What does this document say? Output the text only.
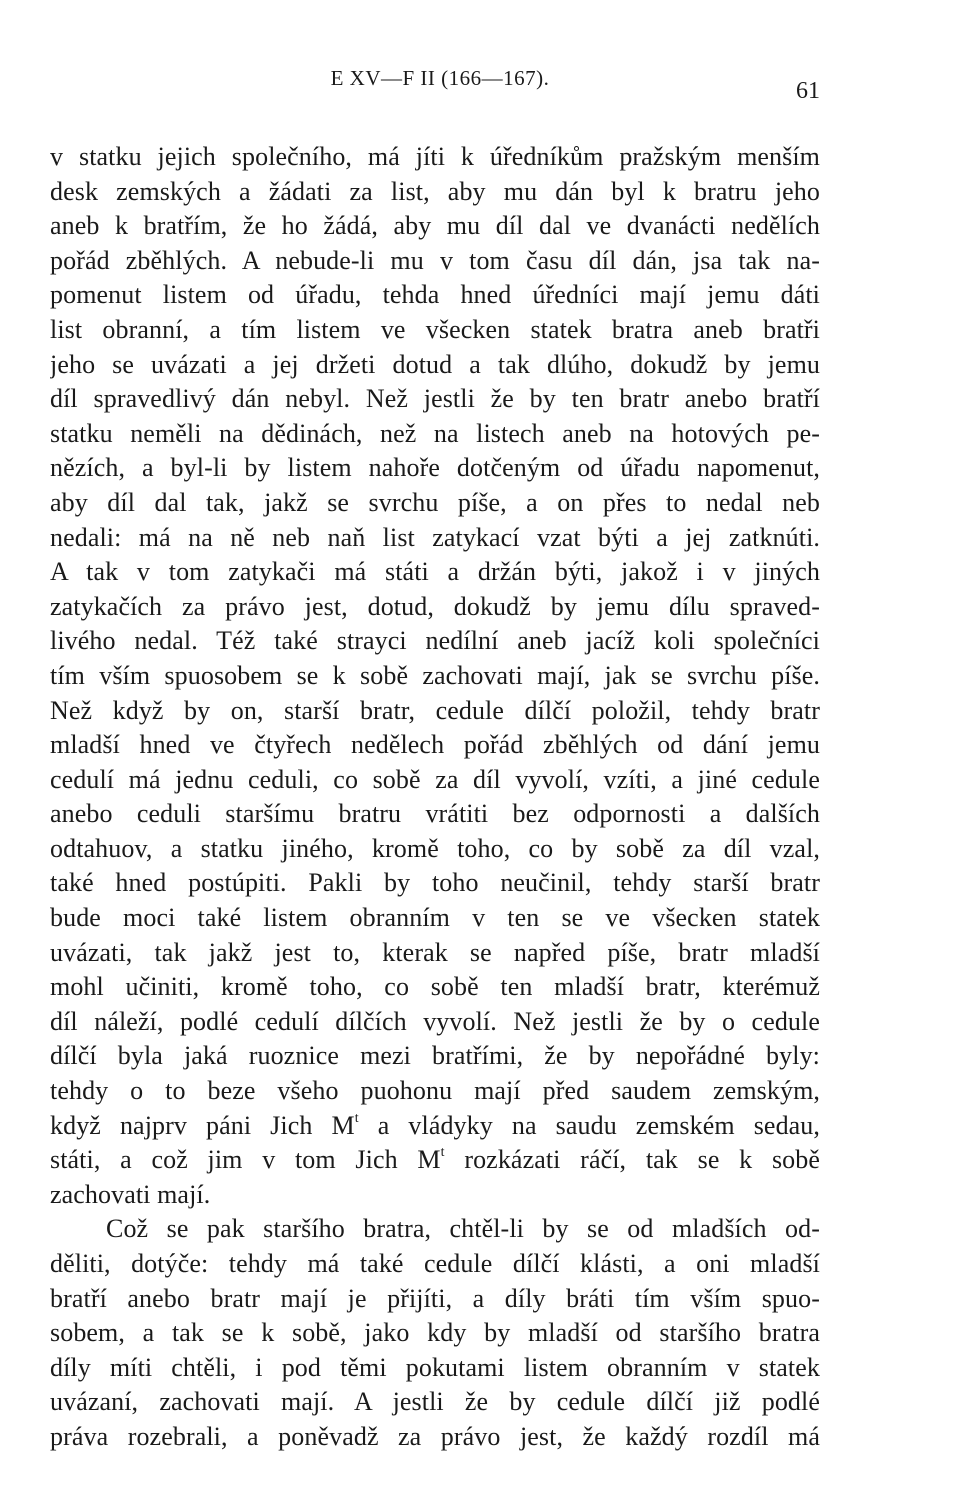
E XV—F II (166—167).	61
v statku jejich společního, má jíti k úředníkům pražským menším
desk zemských a žádati za list, aby mu dán byl k bratru jeho
aneb k bratřím, že ho žádá, aby mu díl dal ve dvanácti nedělích
pořád zběhlých. A nebude-li mu v tom času díl dán, jsa tak na-
pomenut listem od úřadu, tehda hned úředníci mají jemu dáti
list obranní, a tím listem ve všecken statek bratra aneb bratři
jeho se uvázati a jej držeti dotud a tak dlúho, dokudž by jemu
díl spravedlivý dán nebyl. Než jestli že by ten bratr anebo bratří
statku neměli na dědinách, než na listech aneb na hotových pe-
nězích, a byl-li by listem nahoře dotčeným od úřadu napomenut,
aby díl dal tak, jakž se svrchu píše, a on přes to nedal neb
nedali: má na ně neb naň list zatykací vzat býti a jej zatknúti.
A tak v tom zatykači má státi a držán býti, jakož i v jiných
zatykačích za právo jest, dotud, dokudž by jemu dílu spraved-
livého nedal. Též také strayci nedílní aneb jacíž koli společníci
tím vším spuosobem se k sobě zachovati mají, jak se svrchu píše.
Než když by on, starší bratr, cedule dílčí položil, tehdy bratr
mladší hned ve čtyřech nedělech pořád zběhlých od dání jemu
cedulí má jednu ceduli, co sobě za díl vyvolí, vzíti, a jiné cedule
anebo ceduli staršímu bratru vrátiti bez odpornosti a dalších
odtahuov, a statku jiného, kromě toho, co by sobě za díl vzal,
také hned postúpiti. Pakli by toho neučinil, tehdy starší bratr
bude moci také listem obranním v ten se ve všecken statek
uvázati, tak jakž jest to, kterak se napřed píše, bratr mladší
mohl učiniti, kromě toho, co sobě ten mladší bratr, kterémuž
díl náleží, podlé cedulí dílčích vyvolí. Než jestli že by o cedule
dílčí byla jaká ruoznice mezi bratřími, že by nepořádné byly:
tehdy o to beze všeho puohonu mají před saudem zemským,
když najprv páni Jich $M^t$ a vládyky na saudu zemském sedau,
státi, a což jim v tom Jich $M^t$ rozkázati ráčí, tak se k sobě
zachovati mají.
Což se pak staršího bratra, chtěl-li by se od mladších od-
děliti, dotýče: tehdy má také cedule dílčí klásti, a oni mladší
bratří anebo bratr mají je přijíti, a díly bráti tím vším spuo-
sobem, a tak se k sobě, jako kdy by mladší od staršího bratra
díly míti chtěli, i pod těmi pokutami listem obranním v statek
uvázaní, zachovati mají. A jestli že by cedule dílčí již podlé
práva rozebrali, a poněvadž za právo jest, že každý rozdíl má
